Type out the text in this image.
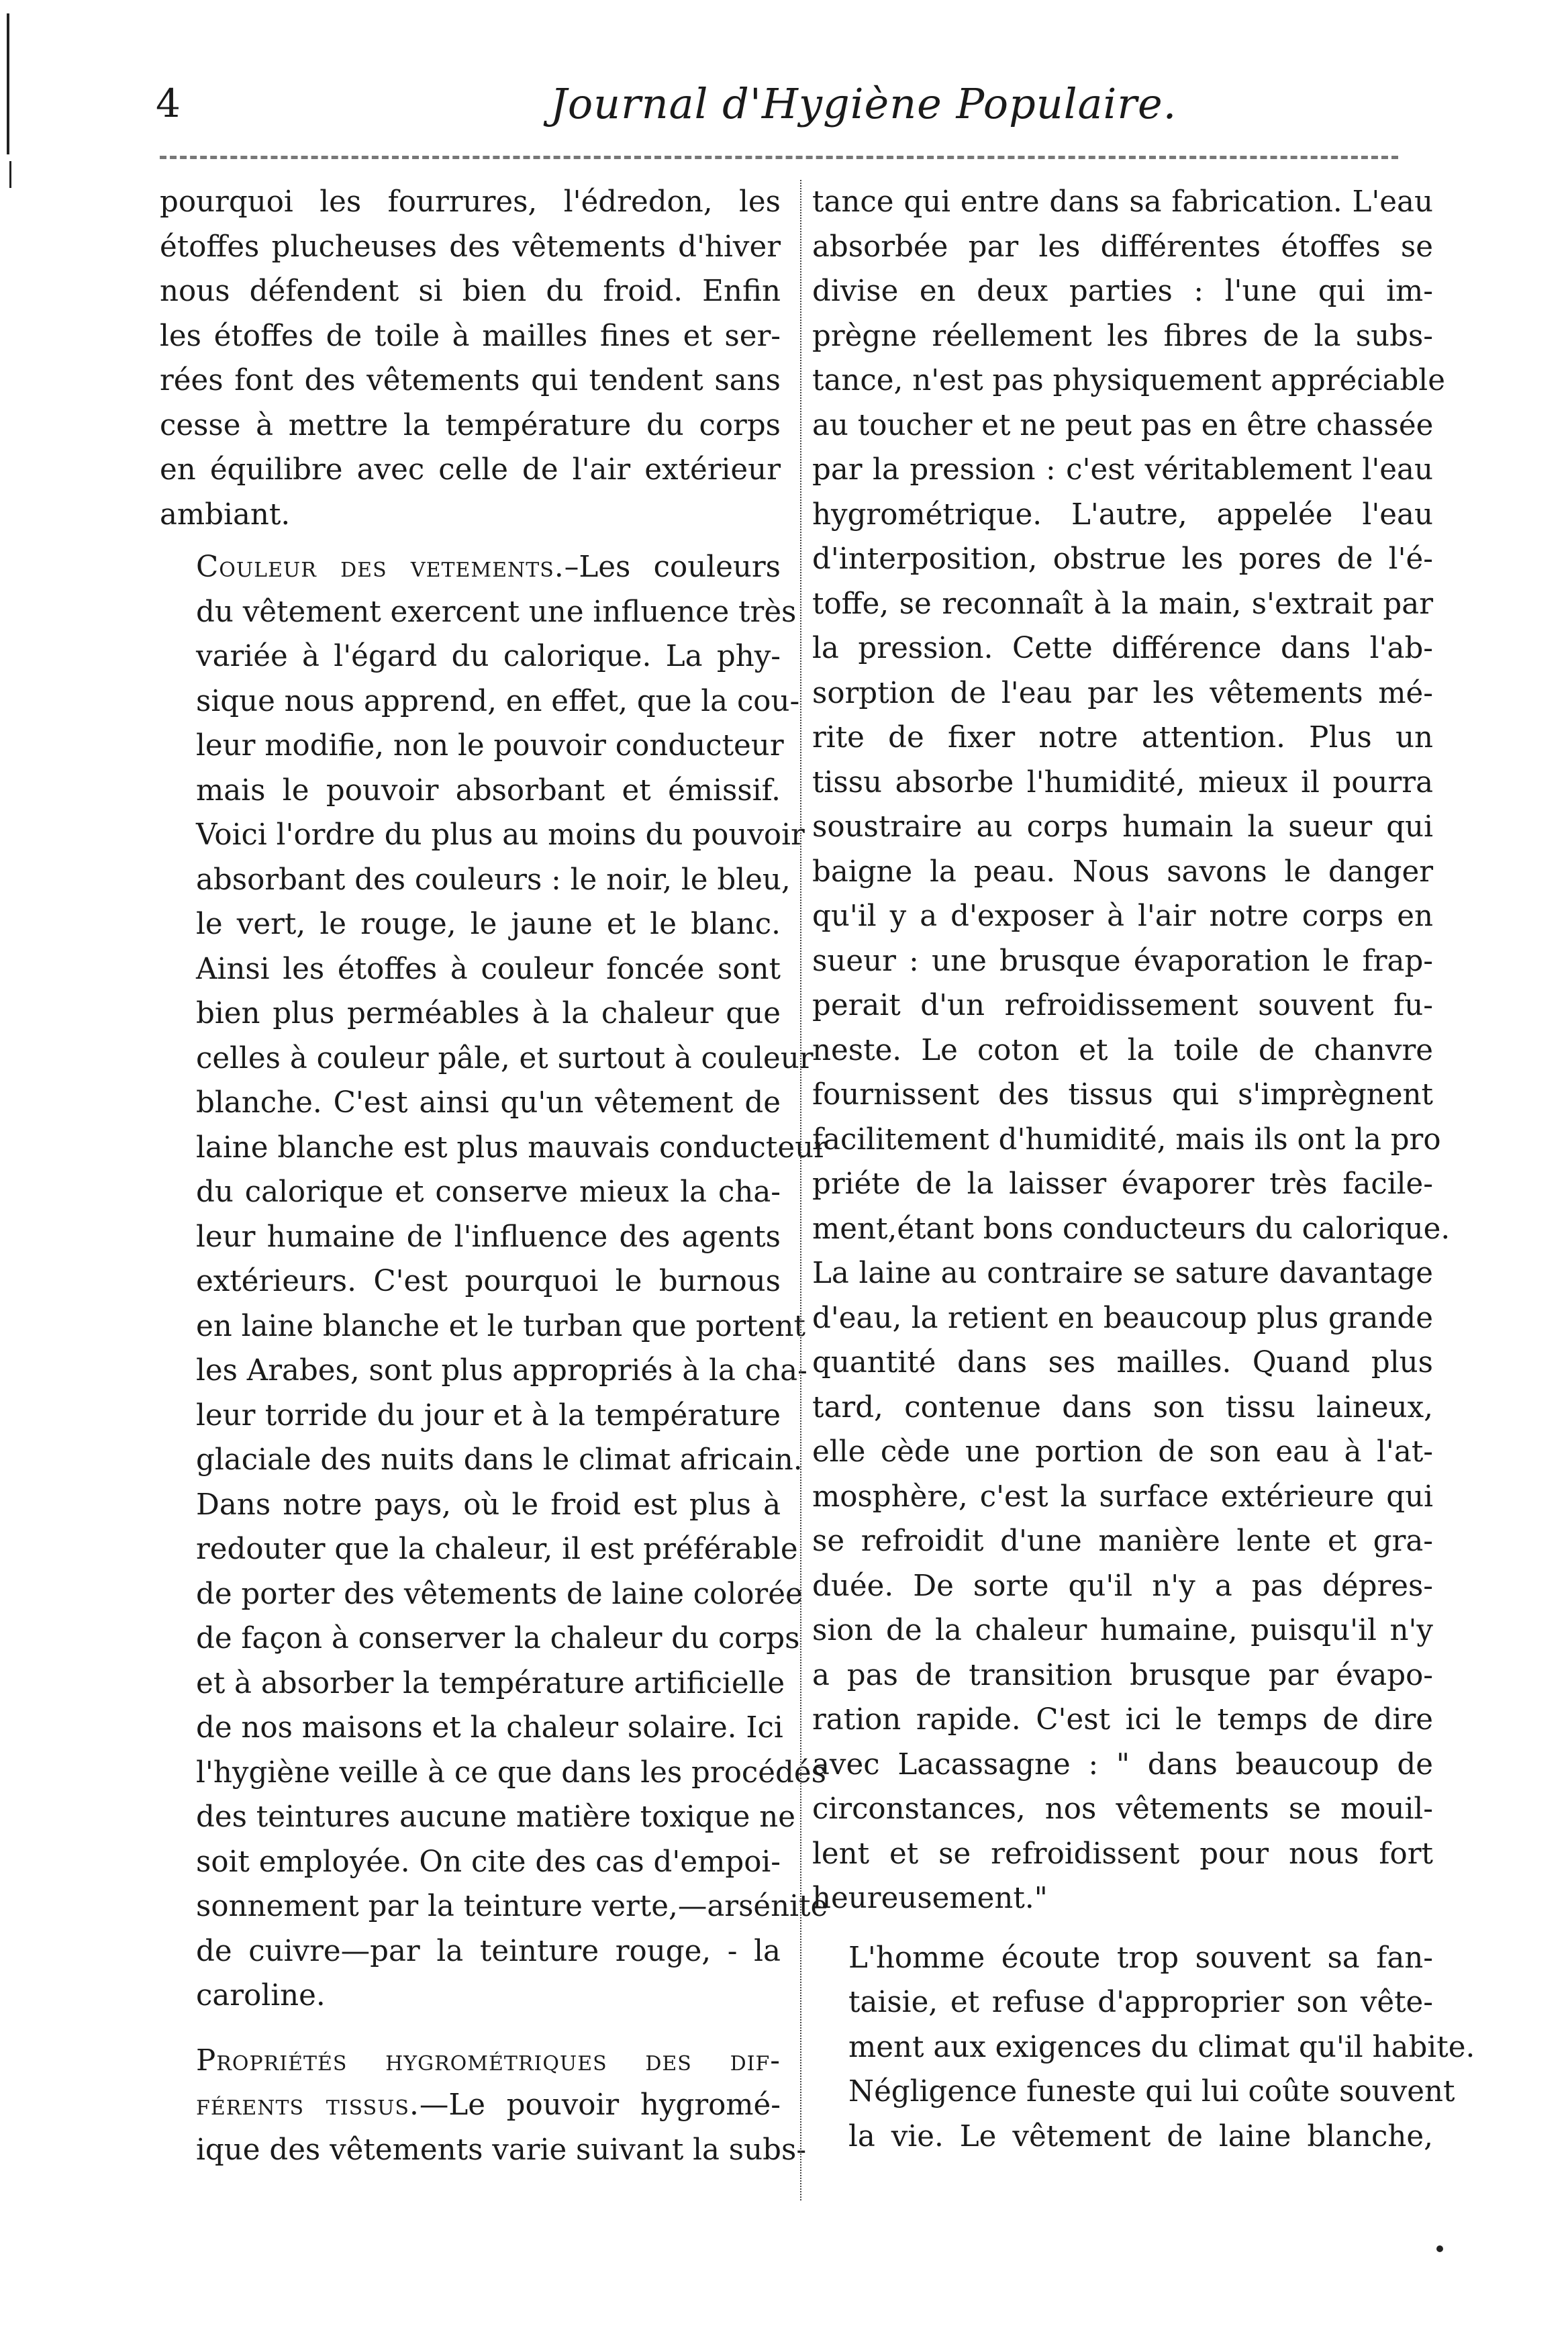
4	Journal d'Hygiène Populaire.

pourquoi les fourrures, l'édredon, les
étoffes plucheuses des vêtements d'hiver
nous défendent si bien du froid. Enfin
les étoffes de toile à mailles fines et ser-
rées font des vêtements qui tendent sans
cesse à mettre la température du corps
en équilibre avec celle de l'air extérieur
ambiant.

Couleur des vetements.–Les couleurs
du vêtement exercent une influence très
variée à l'égard du calorique. La phy-
sique nous apprend, en effet, que la cou-
leur modifie, non le pouvoir conducteur
mais le pouvoir absorbant et émissif.
Voici l'ordre du plus au moins du pouvoir
absorbant des couleurs : le noir, le bleu,
le vert, le rouge, le jaune et le blanc.
Ainsi les étoffes à couleur foncée sont
bien plus perméables à la chaleur que
celles à couleur pâle, et surtout à couleur
blanche. C'est ainsi qu'un vêtement de
laine blanche est plus mauvais conducteur
du calorique et conserve mieux la cha-
leur humaine de l'influence des agents
extérieurs. C'est pourquoi le burnous
en laine blanche et le turban que portent
les Arabes, sont plus appropriés à la cha-
leur torride du jour et à la température
glaciale des nuits dans le climat africain.
Dans notre pays, où le froid est plus à
redouter que la chaleur, il est préférable
de porter des vêtements de laine colorée
de façon à conserver la chaleur du corps
et à absorber la température artificielle
de nos maisons et la chaleur solaire. Ici
l'hygiène veille à ce que dans les procédés
des teintures aucune matière toxique ne
soit employée. On cite des cas d'empoi-
sonnement par la teinture verte,—arsénite
de cuivre—par la teinture rouge, - la
caroline.

Propriétés hygrométriques des dif-
férents tissus.—Le pouvoir hygromé-
ique des vêtements varie suivant la subs-

tance qui entre dans sa fabrication. L'eau
absorbée par les différentes étoffes se
divise en deux parties : l'une qui im-
prègne réellement les fibres de la subs-
tance, n'est pas physiquement appréciable
au toucher et ne peut pas en être chassée
par la pression : c'est véritablement l'eau
hygrométrique. L'autre, appelée l'eau
d'interposition, obstrue les pores de l'é-
toffe, se reconnaît à la main, s'extrait par
la pression. Cette différence dans l'ab-
sorption de l'eau par les vêtements mé-
rite de fixer notre attention. Plus un
tissu absorbe l'humidité, mieux il pourra
soustraire au corps humain la sueur qui
baigne la peau. Nous savons le danger
qu'il y a d'exposer à l'air notre corps en
sueur : une brusque évaporation le frap-
perait d'un refroidissement souvent fu-
neste. Le coton et la toile de chanvre
fournissent des tissus qui s'imprègnent
facilitement d'humidité, mais ils ont la pro
priéte de la laisser évaporer très facile-
ment,étant bons conducteurs du calorique.
La laine au contraire se sature davantage
d'eau, la retient en beaucoup plus grande
quantité dans ses mailles. Quand plus
tard, contenue dans son tissu laineux,
elle cède une portion de son eau à l'at-
mosphère, c'est la surface extérieure qui
se refroidit d'une manière lente et gra-
duée. De sorte qu'il n'y a pas dépres-
sion de la chaleur humaine, puisqu'il n'y
a pas de transition brusque par évapo-
ration rapide. C'est ici le temps de dire
avec Lacassagne : " dans beaucoup de
circonstances, nos vêtements se mouil-
lent et se refroidissent pour nous fort
heureusement."

L'homme écoute trop souvent sa fan-
taisie, et refuse d'approprier son vête-
ment aux exigences du climat qu'il habite.
Négligence funeste qui lui coûte souvent
la vie. Le vêtement de laine blanche,
